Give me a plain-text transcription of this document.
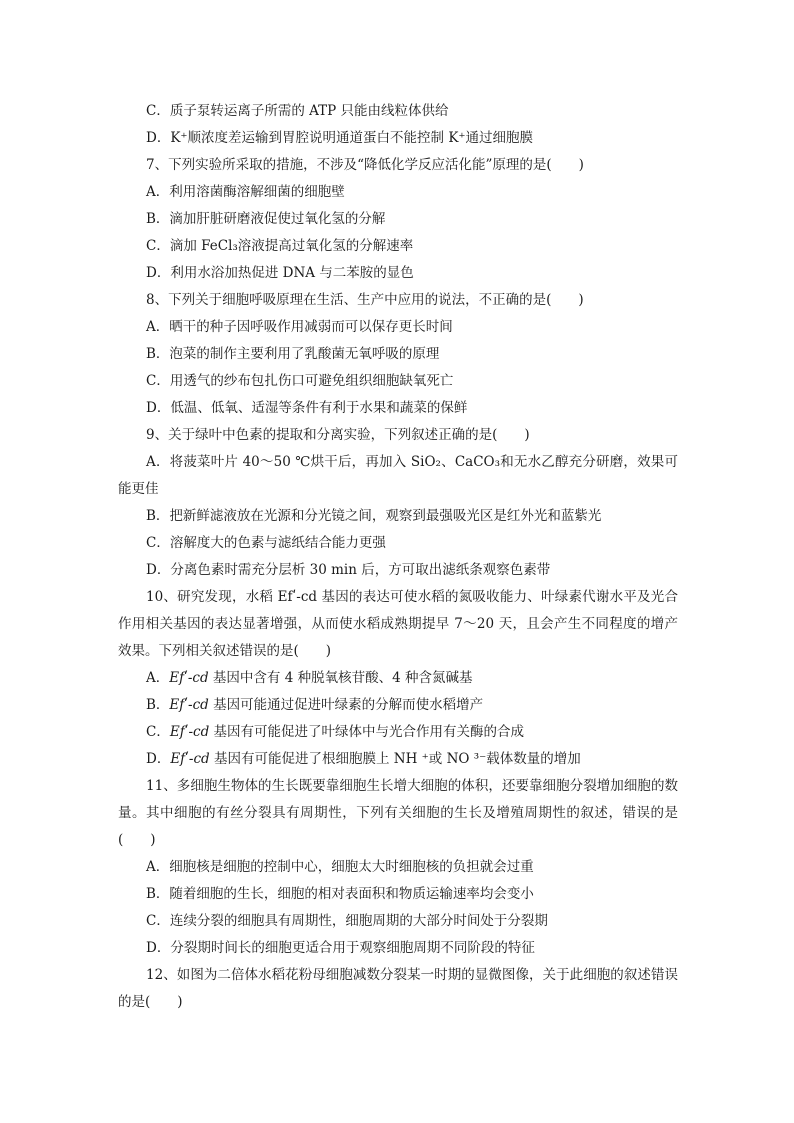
C．质子泵转运离子所需的 ATP 只能由线粒体供给

D．K⁺顺浓度差运输到胃腔说明通道蛋白不能控制 K⁺通过细胞膜

7、下列实验所采取的措施，不涉及“降低化学反应活化能”原理的是(　　)

A．利用溶菌酶溶解细菌的细胞壁

B．滴加肝脏研磨液促使过氧化氢的分解

C．滴加 FeCl₃溶液提高过氧化氢的分解速率

D．利用水浴加热促进 DNA 与二苯胺的显色

8、下列关于细胞呼吸原理在生活、生产中应用的说法，不正确的是(　　)

A．晒干的种子因呼吸作用减弱而可以保存更长时间

B．泡菜的制作主要利用了乳酸菌无氧呼吸的原理

C．用透气的纱布包扎伤口可避免组织细胞缺氧死亡

D．低温、低氧、适湿等条件有利于水果和蔬菜的保鲜

9、关于绿叶中色素的提取和分离实验，下列叙述正确的是(　　)

A．将菠菜叶片 40～50 ℃烘干后，再加入 SiO₂、CaCO₃和无水乙醇充分研磨，效果可能更佳

B．把新鲜滤液放在光源和分光镜之间，观察到最强吸光区是红外光和蓝紫光

C．溶解度大的色素与滤纸结合能力更强

D．分离色素时需充分层析 30 min 后，方可取出滤纸条观察色素带

10、研究发现，水稻 Efʹ-cd 基因的表达可使水稻的氮吸收能力、叶绿素代谢水平及光合作用相关基因的表达显著增强，从而使水稻成熟期提早 7～20 天，且会产生不同程度的增产效果。下列相关叙述错误的是(　　)

A．Efʹ-cd 基因中含有 4 种脱氧核苷酸、4 种含氮碱基

B．Efʹ-cd 基因可能通过促进叶绿素的分解而使水稻增产

C．Efʹ-cd 基因有可能促进了叶绿体中与光合作用有关酶的合成

D．Efʹ-cd 基因有可能促进了根细胞膜上 NH ⁺或 NO ³⁻载体数量的增加

11、多细胞生物体的生长既要靠细胞生长增大细胞的体积，还要靠细胞分裂增加细胞的数量。其中细胞的有丝分裂具有周期性，下列有关细胞的生长及增殖周期性的叙述，错误的是(　　)

A．细胞核是细胞的控制中心，细胞太大时细胞核的负担就会过重

B．随着细胞的生长，细胞的相对表面积和物质运输速率均会变小

C．连续分裂的细胞具有周期性，细胞周期的大部分时间处于分裂期

D．分裂期时间长的细胞更适合用于观察细胞周期不同阶段的特征

12、如图为二倍体水稻花粉母细胞减数分裂某一时期的显微图像，关于此细胞的叙述错误的是(　　)
